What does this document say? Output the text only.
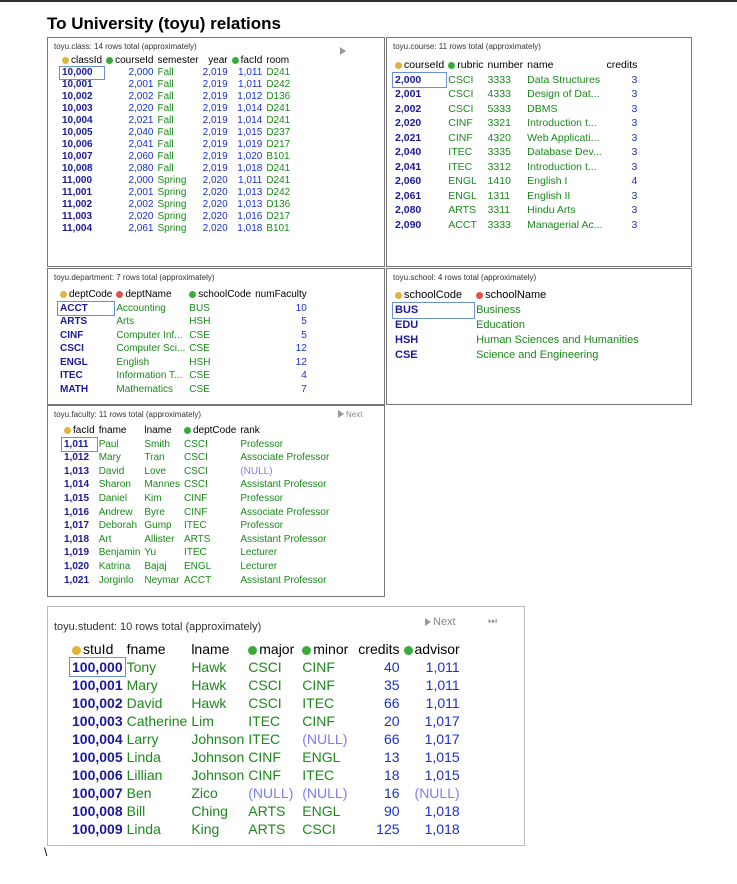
To University (toyu) relations
toyu.class: 14 rows total (approximately)
classId	courseId	semester	year	facId	room
10,000	2,000	Fall	2,019	1,011	D241
10,001	2,001	Fall	2,019	1,011	D242
10,002	2,002	Fall	2,019	1,012	D136
10,003	2,020	Fall	2,019	1,014	D241
10,004	2,021	Fall	2,019	1,014	D241
10,005	2,040	Fall	2,019	1,015	D237
10,006	2,041	Fall	2,019	1,019	D217
10,007	2,060	Fall	2,019	1,020	B101
10,008	2,080	Fall	2,019	1,018	D241
11,000	2,000	Spring	2,020	1,011	D241
11,001	2,001	Spring	2,020	1,013	D242
11,002	2,002	Spring	2,020	1,013	D136
11,003	2,020	Spring	2,020	1,016	D217
11,004	2,061	Spring	2,020	1,018	B101
toyu.course: 11 rows total (approximately)
courseId	rubric	number	name	credits
2,000	CSCI	3333	Data Structures	3
2,001	CSCI	4333	Design of Dat...	3
2,002	CSCI	5333	DBMS	3
2,020	CINF	3321	Introduction t...	3
2,021	CINF	4320	Web Applicati...	3
2,040	ITEC	3335	Database Dev...	3
2,041	ITEC	3312	Introduction t...	3
2,060	ENGL	1410	English I	4
2,061	ENGL	1311	English II	3
2,080	ARTS	3311	Hindu Arts	3
2,090	ACCT	3333	Managerial Ac...	3
toyu.department: 7 rows total (approximately)
deptCode	deptName	schoolCode	numFaculty
ACCT	Accounting	BUS	10
ARTS	Arts	HSH	5
CINF	Computer Inf...	CSE	5
CSCI	Computer Sci...	CSE	12
ENGL	English	HSH	12
ITEC	Information T...	CSE	4
MATH	Mathematics	CSE	7
toyu.school: 4 rows total (approximately)
schoolCode	schoolName
BUS	Business
EDU	Education
HSH	Human Sciences and Humanities
CSE	Science and Engineering
toyu.faculty: 11 rows total (approximately)	Next
facId	fname	lname	deptCode	rank
1,011	Paul	Smith	CSCI	Professor
1,012	Mary	Tran	CSCI	Associate Professor
1,013	David	Love	CSCI	(NULL)
1,014	Sharon	Mannes	CSCI	Assistant Professor
1,015	Daniel	Kim	CINF	Professor
1,016	Andrew	Byre	CINF	Associate Professor
1,017	Deborah	Gump	ITEC	Professor
1,018	Art	Allister	ARTS	Assistant Professor
1,019	Benjamin	Yu	ITEC	Lecturer
1,020	Katrina	Bajaj	ENGL	Lecturer
1,021	Jorginlo	Neymar	ACCT	Assistant Professor
toyu.student: 10 rows total (approximately)	Next	⏭
stuId	fname	lname	major	minor	credits	advisor
100,000	Tony	Hawk	CSCI	CINF	40	1,011
100,001	Mary	Hawk	CSCI	CINF	35	1,011
100,002	David	Hawk	CSCI	ITEC	66	1,011
100,003	Catherine	Lim	ITEC	CINF	20	1,017
100,004	Larry	Johnson	ITEC	(NULL)	66	1,017
100,005	Linda	Johnson	CINF	ENGL	13	1,015
100,006	Lillian	Johnson	CINF	ITEC	18	1,015
100,007	Ben	Zico	(NULL)	(NULL)	16	(NULL)
100,008	Bill	Ching	ARTS	ENGL	90	1,018
100,009	Linda	King	ARTS	CSCI	125	1,018
\
